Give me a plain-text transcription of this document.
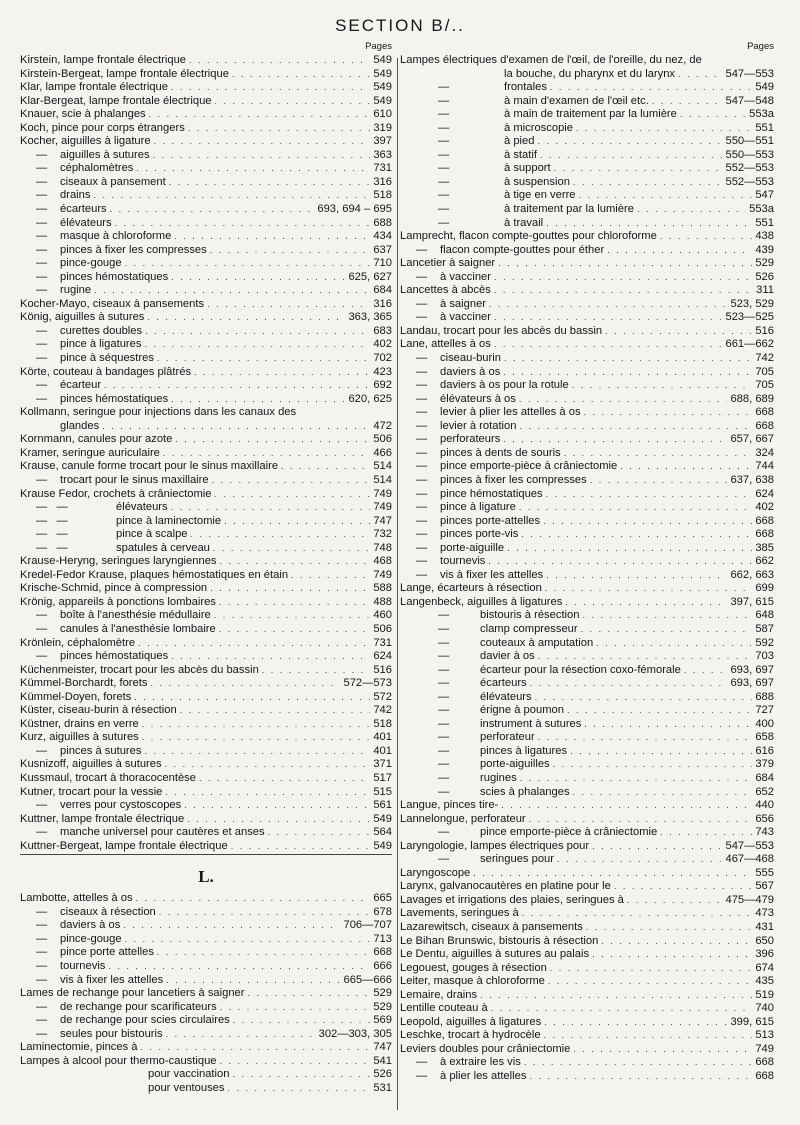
SECTION B/..
Pages
Kirstein, lampe frontale électrique . . .	549
Kirstein-Bergeat, lampe frontale électrique . . .	549
Klar, lampe frontale électrique . . .	549
Klar-Bergeat, lampe frontale électrique . . .	549
Knauer, scie à phalanges . . .	610
Koch, pince pour corps étrangers . . .	319
Kocher, aiguilles à ligature . . .	397
—	aiguilles à sutures . . .	363
—	céphalomètres . . .	731
—	ciseaux à pansement . . .	316
—	drains . . .	518
—	écarteurs . . .	693, 694 – 695
—	élévateurs . . .	688
—	masque à chloroforme . . .	434
—	pinces à fixer les compresses . . .	637
—	pince-gouge . . .	710
—	pinces hémostatiques . . .	625, 627
—	rugine . . .	684
Kocher-Mayo, ciseaux à pansements . . .	316
König, aiguilles à sutures . . .	363, 365
—	curettes doubles . . .	683
—	pince à ligatures . . .	402
—	pince à séquestres . . .	702
Körte, couteau à bandages plâtrés . . .	423
—	écarteur . . .	692
—	pinces hémostatiques . . .	620, 625
Kollmann, seringue pour injections dans les canaux des
glandes . . .	472
Kornmann, canules pour azote . . .	506
Kramer, seringue auriculaire . . .	466
Krause, canule forme trocart pour le sinus maxillaire . . .	514
—	trocart pour le sinus maxillaire . . .	514
Krause Fedor, crochets à crâniectomie . . .	749
—   —	élévateurs . . .	749
—   —	pince à laminectomie . . .	747
—   —	pince à scalpe . . .	732
—   —	spatules à cerveau . . .	748
Krause-Heryng, seringues laryngiennes . . .	468
Kredel-Fedor Krause, plaques hémostatiques en étain . . .	749
Krische-Schmid, pince à compression . . .	588
Krönig, appareils à ponctions lombaires . . .	488
—	boîte à l'anesthésie médullaire . . .	460
—	canules à l'anesthésie lombaire . . .	506
Krönlein, céphalomètre . . .	731
—	pinces hémostatiques . . .	624
Küchenmeister, trocart pour les abcès du bassin . . .	516
Kümmel-Borchardt, forets . . .	572—573
Kümmel-Doyen, forets . . .	572
Küster, ciseau-burin à résection . . .	742
Küstner, drains en verre . . .	518
Kurz, aiguilles à sutures . . .	401
—	pinces à sutures . . .	401
Kusnizoff, aiguilles à sutures . . .	371
Kussmaul, trocart à thoracocentèse . . .	517
Kutner, trocart pour la vessie . . .	515
—	verres pour cystoscopes . . .	561
Kuttner, lampe frontale électrique . . .	549
—	manche universel pour cautères et anses . . .	564
Kuttner-Bergeat, lampe frontale électrique . . .	549
L.
Lambotte, attelles à os . . .	665
—	ciseaux à résection . . .	678
—	daviers à os . . .	706—707
—	pince-gouge . . .	713
—	pince porte attelles . . .	668
—	tournevis . . .	666
—	vis à fixer les attelles . . .	665—666
Lames de rechange pour lancetiers à saigner . . .	529
—	de rechange pour scarificateurs . . .	529
—	de rechange pour scies circulaires . . .	569
—	seules pour bistouris . . .	302—303, 305
Laminectomie, pinces à . . .	747
Lampes à alcool pour thermo-caustique . . .	541
pour vaccination . . .	526
pour ventouses . . .	531
Pages
Lampes électriques d'examen de l'œil, de l'oreille, du nez, de
la bouche, du pharynx et du larynx . . .	547—553
—	frontales . . .	549
—	à main d'examen de l'œil etc. . . .	547—548
—	à main de traitement par la lumière . . .	553a
—	à microscopie . . .	551
—	à pied . . .	550—551
—	à statif . . .	550—553
—	à support . . .	552—553
—	à suspension . . .	552—553
—	à tige en verre . . .	547
—	à traitement par la lumière . . .	553a
—	à travail . . .	551
Lamprecht, flacon compte-gouttes pour chloroforme . . .	438
—	flacon compte-gouttes pour éther . . .	439
Lancetier à saigner . . .	529
—	à vacciner . . .	526
Lancettes à abcès . . .	311
—	à saigner . . .	523, 529
—	à vacciner . . .	523—525
Landau, trocart pour les abcès du bassin . . .	516
Lane, attelles à os . . .	661—662
—	ciseau-burin . . .	742
—	daviers à os . . .	705
—	daviers à os pour la rotule . . .	705
—	élévateurs à os . . .	688, 689
—	levier à plier les attelles à os . . .	668
—	levier à rotation . . .	668
—	perforateurs . . .	657, 667
—	pinces à dents de souris . . .	324
—	pince emporte-pièce à crâniectomie . . .	744
—	pinces à fixer les compresses . . .	637, 638
—	pince hémostatiques . . .	624
—	pince à ligature . . .	402
—	pinces porte-attelles . . .	668
—	pinces porte-vis . . .	668
—	porte-aiguille . . .	385
—	tournevis . . .	662
—	vis à fixer les attelles . . .	662, 663
Lange, écarteurs à résection . . .	699
Langenbeck, aiguilles à ligatures . . .	397, 615
—	bistouris à résection . . .	648
—	clamp compresseur . . .	587
—	couteaux à amputation . . .	592
—	davier à os . . .	703
—	écarteur pour la résection coxo-fémorale . . .	693, 697
—	écarteurs . . .	693, 697
—	élévateurs . . .	688
—	érigne à poumon . . .	727
—	instrument à sutures . . .	400
—	perforateur . . .	658
—	pinces à ligatures . . .	616
—	porte-aiguilles . . .	379
—	rugines . . .	684
—	scies à phalanges . . .	652
Langue, pinces tire- . . .	440
Lannelongue, perforateur . . .	656
—	pince emporte-pièce à crâniectomie . . .	743
Laryngologie, lampes électriques pour . . .	547—553
—	seringues pour . . .	467—468
Laryngoscope . . .	555
Larynx, galvanocautères en platine pour le . . .	567
Lavages et irrigations des plaies, seringues à . . .	475—479
Lavements, seringues à . . .	473
Lazarewitsch, ciseaux à pansements . . .	431
Le Bihan Brunswic, bistouris à résection . . .	650
Le Dentu, aiguilles à sutures au palais . . .	396
Legouest, gouges à résection . . .	674
Leiter, masque à chloroforme . . .	435
Lemaire, drains . . .	519
Lentille couteau à . . .	740
Leopold, aiguilles à ligatures . . .	399, 615
Leschke, trocart à hydrocèle . . .	513
Leviers doubles pour crâniectomie . . .	749
—	à extraire les vis . . .	668
—	à plier les attelles . . .	668
